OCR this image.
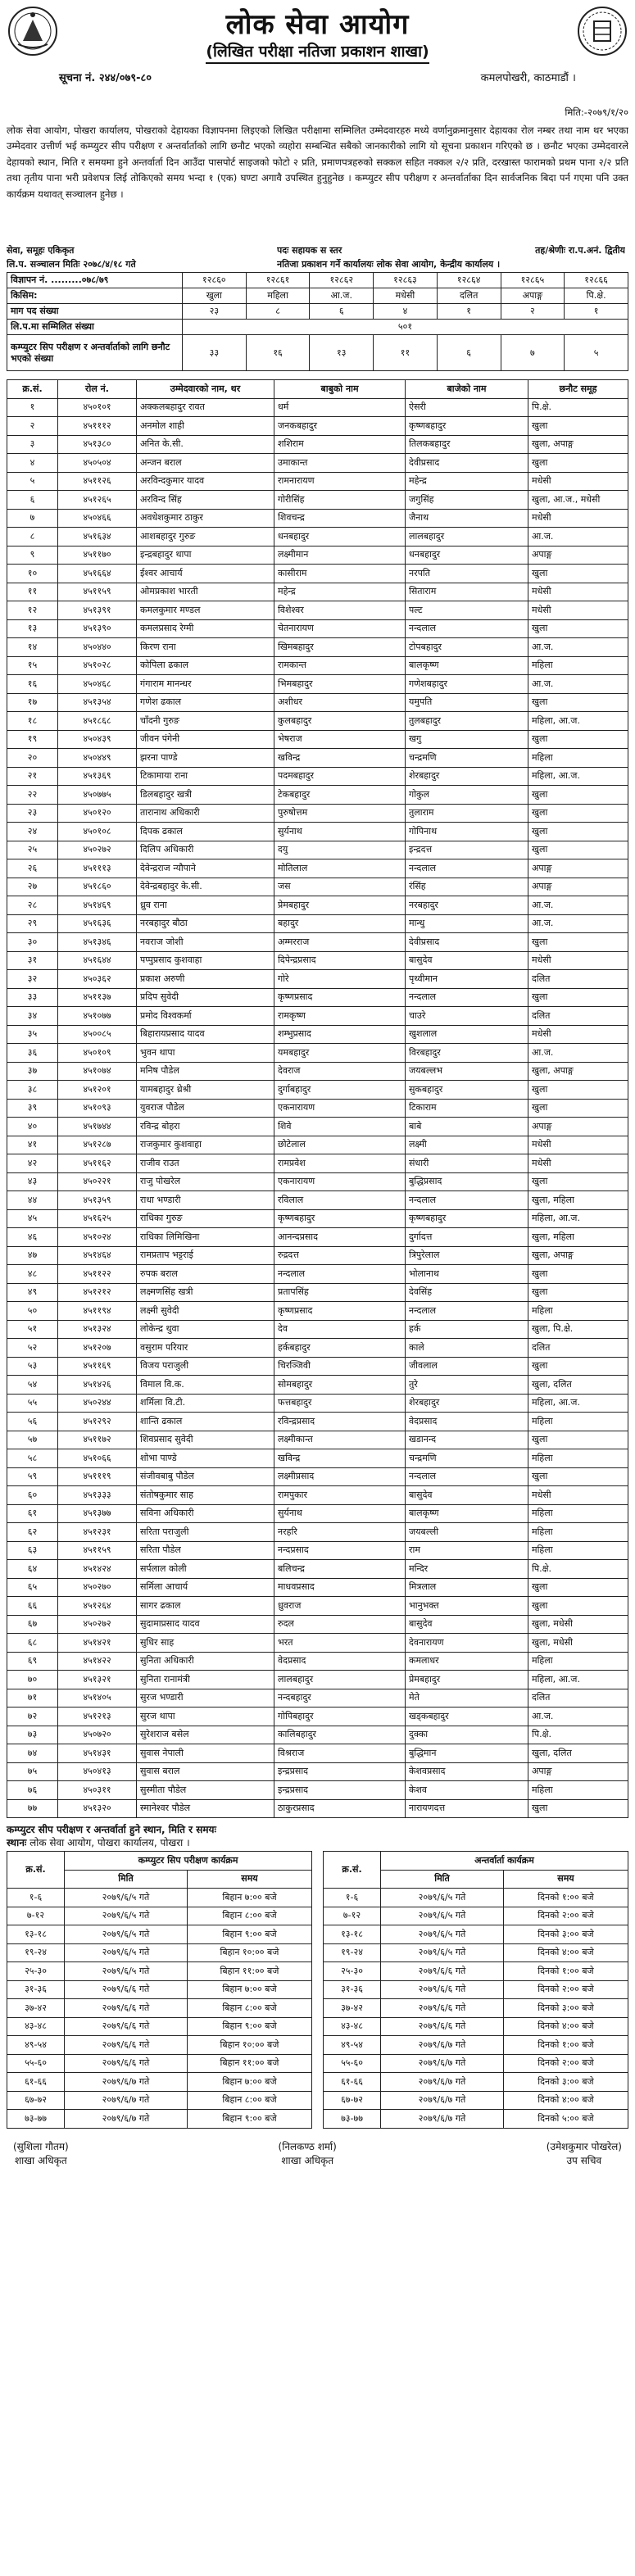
लोक सेवा आयोग
(लिखित परीक्षा नतिजा प्रकाशन शाखा)
सूचना नं. २४४/०७९-८०	कमलपोखरी, काठमाडौं ।
मिति:-२०७९/१/२०

लोक सेवा आयोग, पोखरा कार्यालय, पोखराको देहायका विज्ञापनमा लिइएको लिखित परीक्षामा सम्मिलित उम्मेदवारहरु मध्ये वर्णानुक्रमानुसार देहायका रोल नम्बर तथा नाम थर भएका उम्मेदवार उत्तीर्ण भई कम्प्युटर सीप परीक्षण र अन्तर्वार्ताको लागि छनौट भएको व्यहोरा सम्बन्धित सबैको जानकारीको लागि यो सूचना प्रकाशन गरिएको छ । छनौट भएका उम्मेदवारले देहायको स्थान, मिति र समयमा हुने अन्तर्वार्ता दिन आउँदा पासपोर्ट साइजको फोटो २ प्रति, प्रमाणपत्रहरुको सक्कल सहित नक्कल २/२ प्रति, दरखास्त फारामको प्रथम पाना २/२ प्रति तथा तृतीय पाना भरी प्रवेशपत्र लिई तोकिएको समय भन्दा १ (एक) घण्टा अगावै उपस्थित हुनुहुनेछ । कम्प्युटर सीप परीक्षण र अन्तर्वार्ताका दिन सार्वजनिक बिदा पर्न गएमा पनि उक्त कार्यक्रम यथावत् सञ्चालन हुनेछ ।

सेवा, समूहः एकिकृत	पदः सहायक स स्तर	तह/श्रेणीः रा.प.अनं. द्वितीय
लि.प. सञ्चालन मितिः २०७८/४/१८ गते	नतिजा प्रकाशन गर्ने कार्यालयः लोक सेवा आयोग, केन्द्रीय कार्यालय ।
विज्ञापन नं. .........०७८/७९	१२८६०	१२८६१	१२८६२	१२८६३	१२८६४	१२८६५	१२८६६
किसिम:	खुला	महिला	आ.ज.	मधेसी	दलित	अपाङ्ग	पि.क्षे.
माग पद संख्या	२३	८	६	४	१	२	१
लि.प.मा सम्मिलित संख्या	५०१						
कम्प्युटर सिप परीक्षण र अन्तर्वार्ताको लागि छनौट भएको संख्या	३३	१६	१३	११	६	७	५
क्र.सं.	रोल नं.	उम्मेदवारको नाम, थर	बाबुको नाम	बाजेको नाम	छनौट समूह
१	४५०१०१	अक्कलबहादुर रावत	धर्म	ऐसरी	पि.क्षे.
२	४५१११२	अनमोल शाही	जनकबहादुर	कृष्णबहादुर	खुला
३	४५१३८०	अनित के.सी.	शशिराम	तिलकबहादुर	खुला, अपाङ्ग
४	४५०५०४	अन्जन बराल	उमाकान्त	देवीप्रसाद	खुला
५	४५११२६	अरविन्दकुमार यादव	रामनारायण	महेन्द्र	मधेसी
६	४५१२६५	अरविन्द सिंह	गोरीसिंह	जगुसिंह	खुला, आ.ज., मधेसी
७	४५०४६६	अवधेशकुमार ठाकुर	शिवचन्द्र	जैनाथ	मधेसी
८	४५१६३४	आशबहादुर गुरुङ	धनबहादुर	लालबहादुर	आ.ज.
९	४५११७०	इन्द्रबहादुर थापा	लक्ष्मीमान	धनबहादुर	अपाङ्ग
१०	४५१६६४	ईश्वर आचार्य	कासीराम	नरपति	खुला
११	४५११५९	ओमप्रकाश भारती	महेन्द्र	सिताराम	मधेसी
१२	४५१३९१	कमलकुमार मण्डल	विशेश्वर	पल्ट	मधेसी
१३	४५१३९०	कमलप्रसाद रेग्मी	चेतनारायण	नन्दलाल	खुला
१४	४५०४४०	किरण राना	खिमबहादुर	टोपबहादुर	आ.ज.
१५	४५१०२८	कोपिला ढकाल	रामकान्त	बालकृष्ण	महिला
१६	४५०४६८	गंगाराम मानन्धर	भिमबहादुर	गणेशबहादुर	आ.ज.
१७	४५१३५४	गणेश ढकाल	अशीधर	यमुपति	खुला
१८	४५१८६८	चाँदनी गुरुङ	कुलबहादुर	तुलबहादुर	महिला, आ.ज.
१९	४५०४३९	जीवन पंगेनी	भेषराज	खगु	खुला
२०	४५०४४९	झरना पाण्डे	खविन्द्र	चन्द्रमणि	महिला
२१	४५१३६९	टिकामाया राना	पदमबहादुर	शेरबहादुर	महिला, आ.ज.
२२	४५०७७५	डिलबहादुर खत्री	टेकबहादुर	गोकुल	खुला
२३	४५०१२०	तारानाथ अधिकारी	पुरुषोत्तम	तुलाराम	खुला
२४	४५०१०८	दिपक ढकाल	सुर्यनाथ	गोपिनाथ	खुला
२५	४५०२७२	दिलिप अधिकारी	दयु	इन्द्रदत्त	खुला
२६	४५१११३	देवेन्द्रराज न्यौपाने	मोतिलाल	नन्दलाल	अपाङ्ग
२७	४५१८६०	देवेन्द्रबहादुर के.सी.	जस	रंसिंह	अपाङ्ग
२८	४५१४६९	ध्रुव राना	प्रेमबहादुर	नरबहादुर	आ.ज.
२९	४५१६३६	नरबहादुर बौठा	बहादुर	मान्धु	आ.ज.
३०	४५१३४६	नवराज जोशी	अम्मरराज	देवीप्रसाद	खुला
३१	४५१६४४	पप्पुप्रसाद कुशवाहा	दिपेन्द्रप्रसाद	बासुदेव	मधेसी
३२	४५०३६२	प्रकाश अरुणी	गोरे	पृथ्वीमान	दलित
३३	४५११३७	प्रदिप सुवेदी	कृष्णप्रसाद	नन्दलाल	खुला
३४	४५१०७७	प्रमोद विश्वकर्मा	रामकृष्ण	चाउरे	दलित
३५	४५००८५	बिहारायप्रसाद यादव	शम्भुप्रसाद	खुशलाल	मधेसी
३६	४५०१०९	भुवन थापा	यमबहादुर	विरबहादुर	आ.ज.
३७	४५१०७४	मनिष पौडेल	देवराज	जयबल्लभ	खुला, अपाङ्ग
३८	४५१२०१	यामबहादुर थ्रेश्री	दुर्गाबहादुर	सुकबहादुर	खुला
३९	४५१०९३	युवराज पौडेल	एकनारायण	टिकाराम	खुला
४०	४५१७४४	रविन्द्र बोहरा	शिवे	बाबे	अपाङ्ग
४१	४५१२८७	राजकुमार कुशवाहा	छोटेलाल	लक्ष्मी	मधेसी
४२	४५११६२	राजीव राउत	रामप्रवेश	संधारी	मधेसी
४३	४५०२२१	राजु पोखरेल	एकनारायण	बुद्धिप्रसाद	खुला
४४	४५१३५९	राधा भण्डारी	रविलाल	नन्दलाल	खुला, महिला
४५	४५१६२५	राधिका गुरुङ	कृष्णबहादुर	कृष्णबहादुर	महिला, आ.ज.
४६	४५१०२४	राधिका लिमिखिना	आनन्दप्रसाद	दुर्गादत्त	खुला, महिला
४७	४५१४६४	रामप्रताप भट्टराई	रुद्रदत्त	त्रिपुरेलाल	खुला, अपाङ्ग
४८	४५११२२	रुपक बराल	नन्दलाल	भोलानाथ	खुला
४९	४५१२१२	लक्ष्मणसिंह खत्री	प्रतापसिंह	देवसिंह	खुला
५०	४५११९४	लक्ष्मी सुवेदी	कृष्णप्रसाद	नन्दलाल	महिला
५१	४५१३२४	लोकेन्द्र थुवा	देव	हर्क	खुला, पि.क्षे.
५२	४५१२०७	वसुराम परियार	हर्कबहादुर	काले	दलित
५३	४५११६९	विजय पराजुली	चिरञ्जिवी	जीवलाल	खुला
५४	४५१४२६	विमाल वि.क.	सोमबहादुर	तुरे	खुला, दलित
५५	४५०२४४	शर्मिला वि.टी.	फत्तबहादुर	शेरबहादुर	महिला, आ.ज.
५६	४५१२९२	शान्ति ढकाल	रविन्द्रप्रसाद	वेदप्रसाद	महिला
५७	४५११७२	शिवप्रसाद सुवेदी	लक्ष्मीकान्त	खडानन्द	खुला
५८	४५१०६६	शोभा पाण्डे	खविन्द्र	चन्द्रमणि	महिला
५९	४५१११९	संजीवबाबु पौडेल	लक्ष्मीप्रसाद	नन्दलाल	खुला
६०	४५१३३३	संतोषकुमार साह	रामपुकार	बासुदेव	मधेसी
६१	४५१३७७	सविना अधिकारी	सुर्यनाथ	बालकृष्ण	महिला
६२	४५१२३१	सरिता पराजुली	नरहरि	जयबल्ली	महिला
६३	४५११५९	सरिता पौडेल	नन्दप्रसाद	राम	महिला
६४	४५१४२४	सर्पलाल कोली	बलिचन्द्र	मन्दिर	पि.क्षे.
६५	४५०२७०	सर्मिला आचार्य	माधवप्रसाद	मित्रलाल	खुला
६६	४५१२६४	सागर ढकाल	ध्रुवराज	भानुभक्त	खुला
६७	४५०२७२	सुदामाप्रसाद यादव	रुदल	बासुदेव	खुला, मधेसी
६८	४५१४२१	सुधिर साह	भरत	देवनारायण	खुला, मधेसी
६९	४५१४२२	सुनिता अधिकारी	वेदप्रसाद	कमलाधर	महिला
७०	४५१३२१	सुनिता रानामंत्री	लालबहादुर	प्रेमबहादुर	महिला, आ.ज.
७१	४५१४०५	सुरज भण्डारी	नन्दबहादुर	मेते	दलित
७२	४५१२१३	सुरज थापा	गोपिबहादुर	खड्कबहादुर	आ.ज.
७३	४५०७२०	सुरेशराज बसेल	कालिबहादुर	दुक्का	पि.क्षे.
७४	४५१४३१	सुवास नेपाली	विश्रराज	बुद्धिमान	खुला, दलित
७५	४५०४१३	सुवास बराल	इन्द्रप्रसाद	केशवप्रसाद	अपाङ्ग
७६	४५०३११	सुस्मीता पौडेल	इन्द्रप्रसाद	केशव	महिला
७७	४५१३२०	स्मानेश्वर पौडेल	ठाकुरप्रसाद	नारायणदत्त	खुला
कम्प्युटर सीप परीक्षण र अन्तर्वार्ता हुने स्थान, मिति र समयः
स्थानः लोक सेवा आयोग, पोखरा कार्यालय, पोखरा ।
क्र.सं.	कम्प्युटर सिप परीक्षण कार्यक्रम	
	मिति	समय
१-६	२०७९/६/५ गते	बिहान ७:०० बजे
७-१२	२०७९/६/५ गते	बिहान ८:०० बजे
१३-१८	२०७९/६/५ गते	बिहान ९:०० बजे
१९-२४	२०७९/६/५ गते	बिहान १०:०० बजे
२५-३०	२०७९/६/५ गते	बिहान ११:०० बजे
३१-३६	२०७९/६/६ गते	बिहान ७:०० बजे
३७-४२	२०७९/६/६ गते	बिहान ८:०० बजे
४३-४८	२०७९/६/६ गते	बिहान ९:०० बजे
४९-५४	२०७९/६/६ गते	बिहान १०:०० बजे
५५-६०	२०७९/६/६ गते	बिहान ११:०० बजे
६१-६६	२०७९/६/७ गते	बिहान ७:०० बजे
६७-७२	२०७९/६/७ गते	बिहान ८:०० बजे
७३-७७	२०७९/६/७ गते	बिहान ९:०० बजे
क्र.सं.	अन्तर्वार्ता कार्यक्रम	
	मिति	समय
१-६	२०७९/६/५ गते	दिनको १:०० बजे
७-१२	२०७९/६/५ गते	दिनको २:०० बजे
१३-१८	२०७९/६/५ गते	दिनको ३:०० बजे
१९-२४	२०७९/६/५ गते	दिनको ४:०० बजे
२५-३०	२०७९/६/६ गते	दिनको १:०० बजे
३१-३६	२०७९/६/६ गते	दिनको २:०० बजे
३७-४२	२०७९/६/६ गते	दिनको ३:०० बजे
४३-४८	२०७९/६/६ गते	दिनको ४:०० बजे
४९-५४	२०७९/६/७ गते	दिनको १:०० बजे
५५-६०	२०७९/६/७ गते	दिनको २:०० बजे
६१-६६	२०७९/६/७ गते	दिनको ३:०० बजे
६७-७२	२०७९/६/७ गते	दिनको ४:०० बजे
७३-७७	२०७९/६/७ गते	दिनको ५:०० बजे
(सुशिला गौतम)
शाखा अधिकृत
(निलकण्ठ शर्मा)
शाखा अधिकृत
(उमेशकुमार पोखरेल)
उप सचिव
